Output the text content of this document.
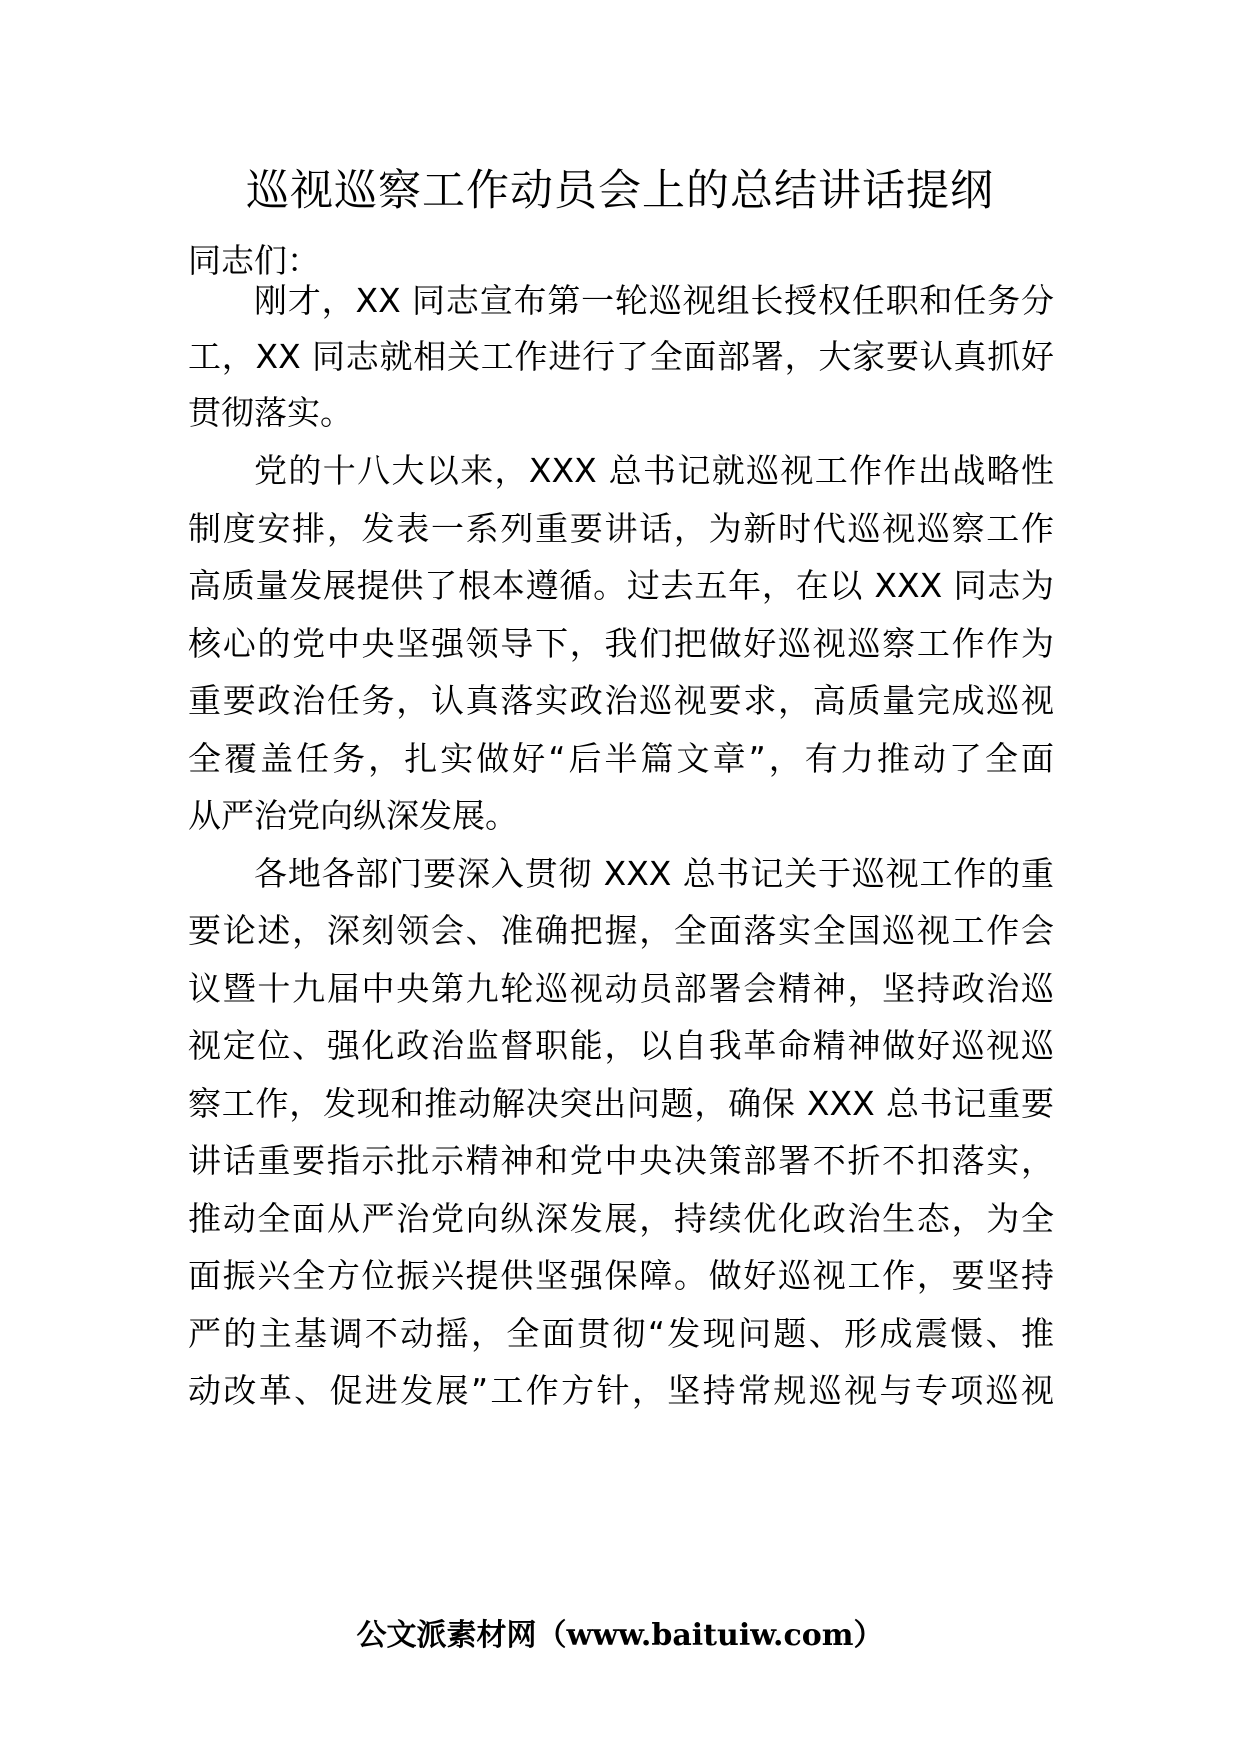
巡视巡察工作动员会上的总结讲话提纲
同志们：
刚才，XX 同志宣布第一轮巡视组长授权任职和任务分
工，XX 同志就相关工作进行了全面部署，大家要认真抓好
贯彻落实。
党的十八大以来，XXX 总书记就巡视工作作出战略性
制度安排，发表一系列重要讲话，为新时代巡视巡察工作
高质量发展提供了根本遵循。过去五年，在以 XXX 同志为
核心的党中央坚强领导下，我们把做好巡视巡察工作作为
重要政治任务，认真落实政治巡视要求，高质量完成巡视
全覆盖任务，扎实做好“后半篇文章”，有力推动了全面
从严治党向纵深发展。
各地各部门要深入贯彻 XXX 总书记关于巡视工作的重
要论述，深刻领会、准确把握，全面落实全国巡视工作会
议暨十九届中央第九轮巡视动员部署会精神，坚持政治巡
视定位、强化政治监督职能，以自我革命精神做好巡视巡
察工作，发现和推动解决突出问题，确保 XXX 总书记重要
讲话重要指示批示精神和党中央决策部署不折不扣落实，
推动全面从严治党向纵深发展，持续优化政治生态，为全
面振兴全方位振兴提供坚强保障。做好巡视工作，要坚持
严的主基调不动摇，全面贯彻“发现问题、形成震慑、推
动改革、促进发展”工作方针，坚持常规巡视与专项巡视
公文派素材网（www.baituiw.com）
